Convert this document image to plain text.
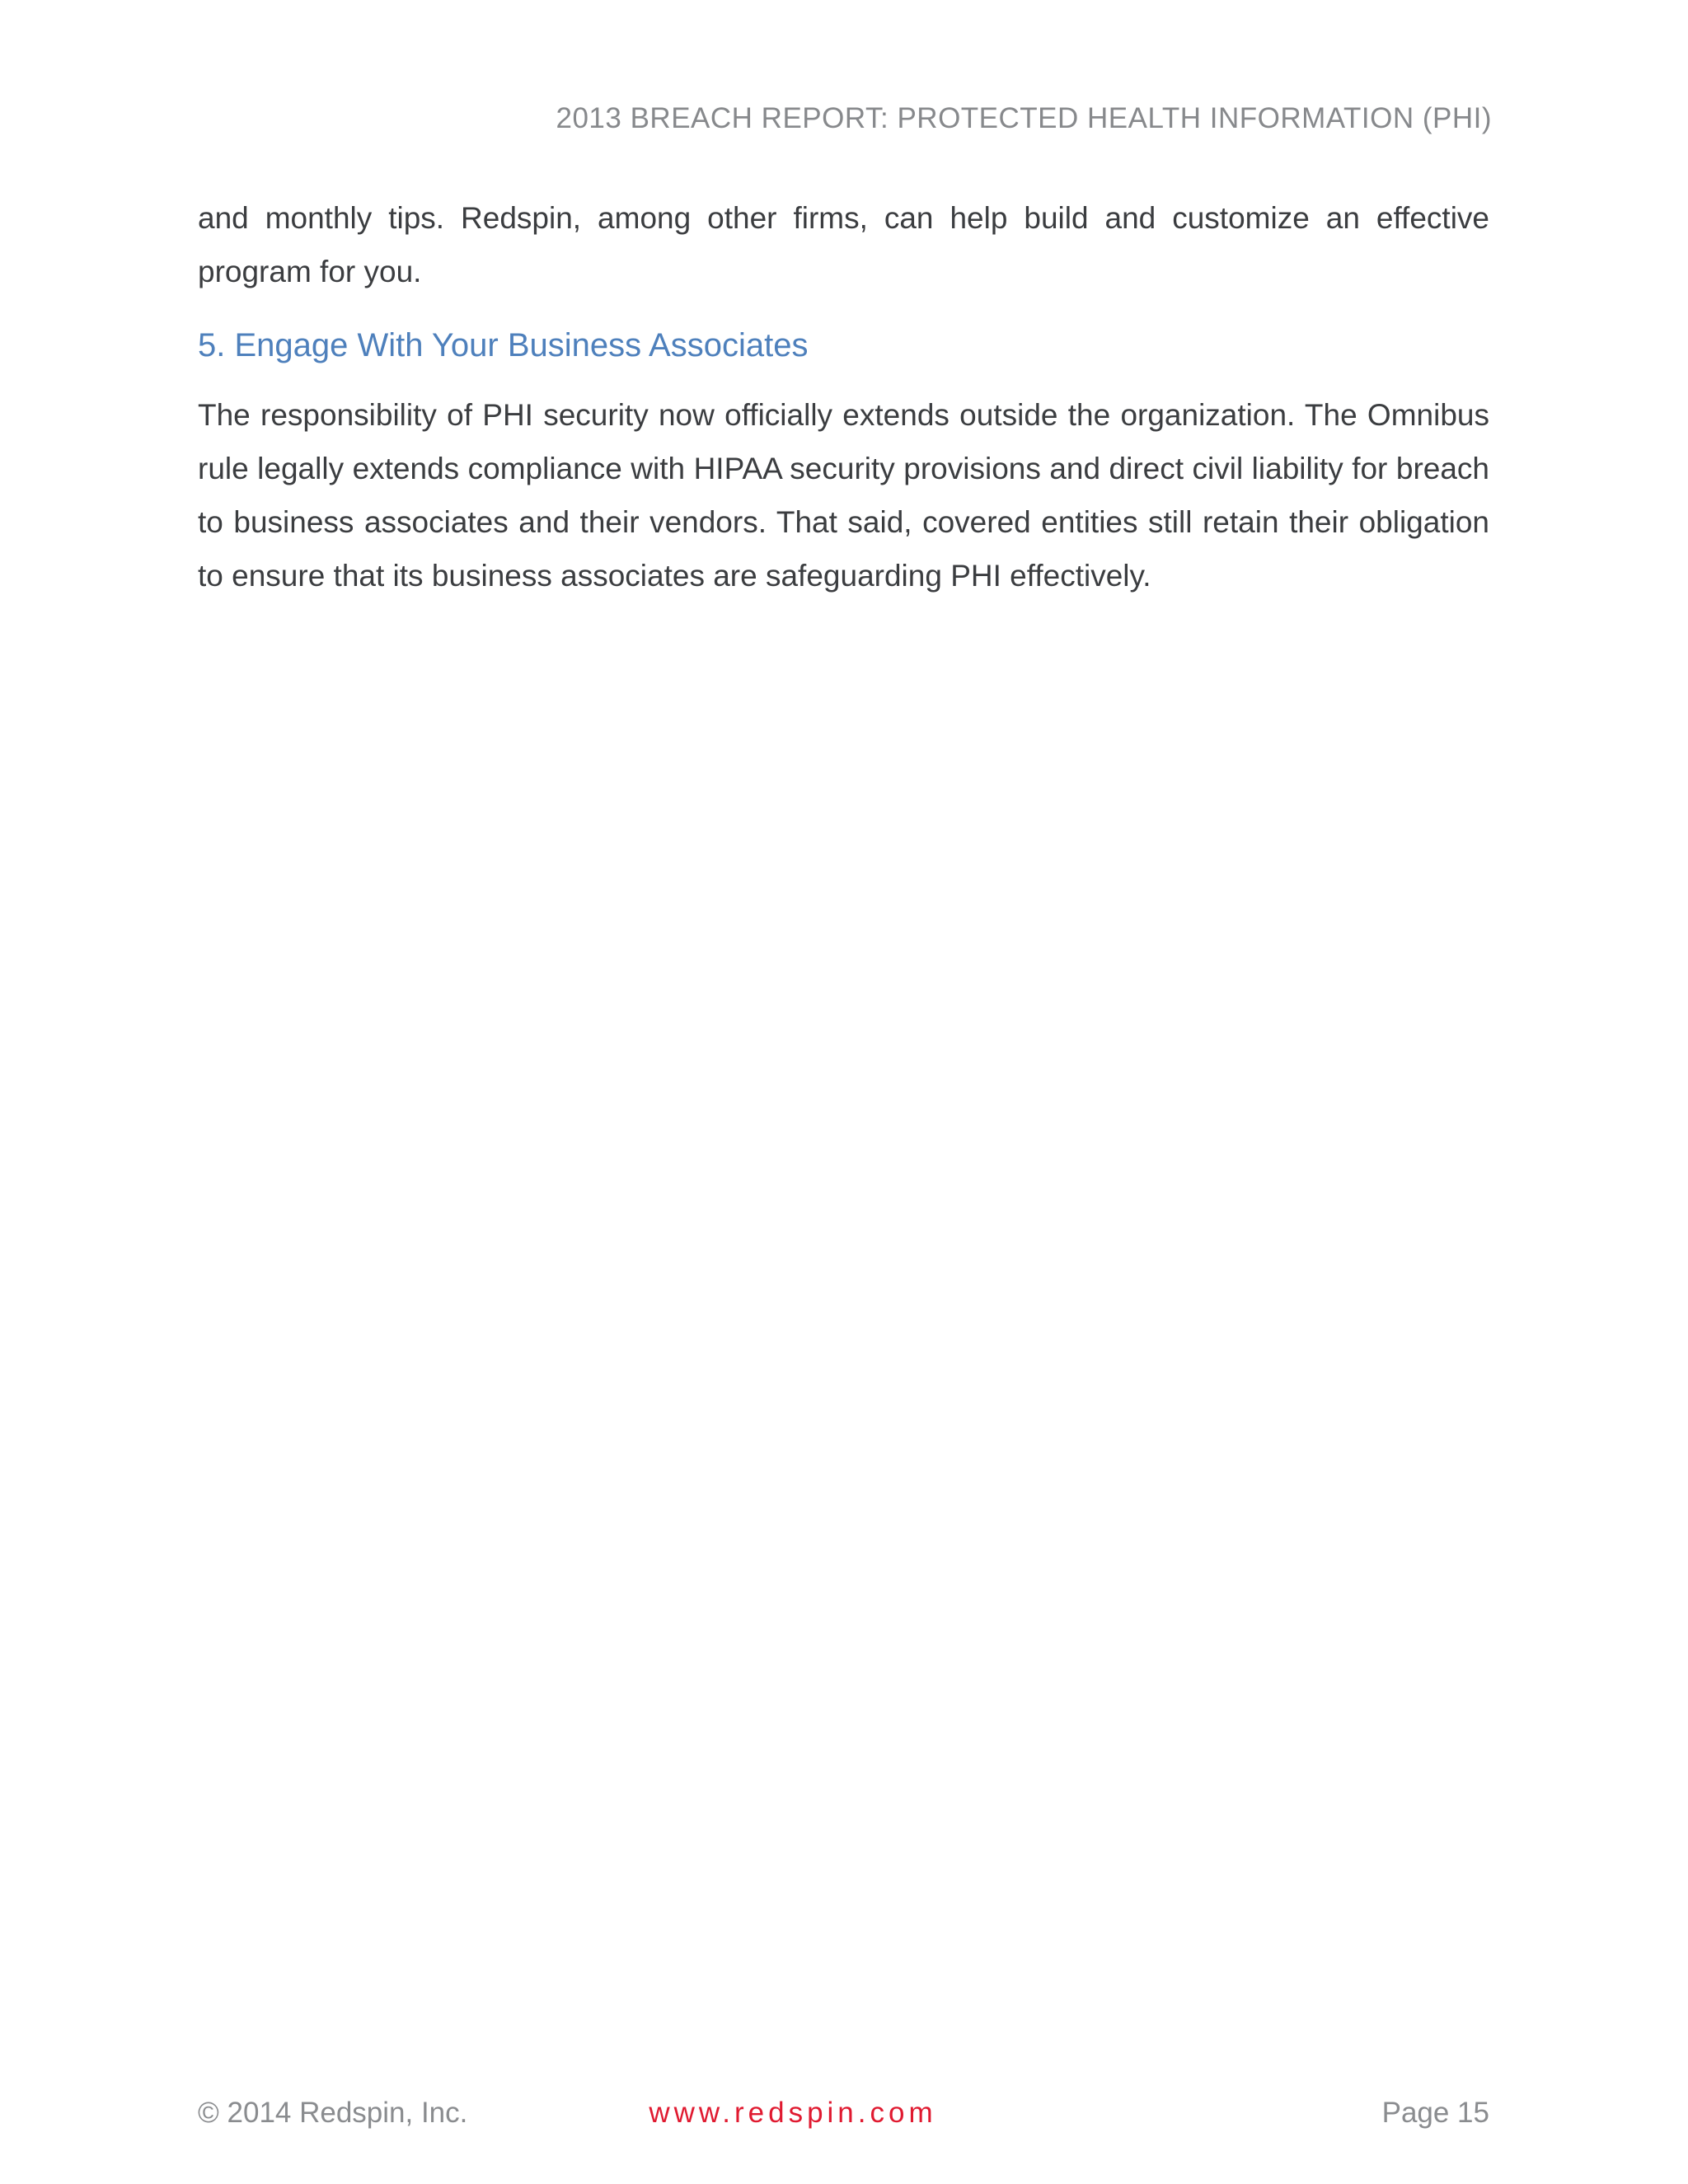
2013 BREACH REPORT: PROTECTED HEALTH INFORMATION (PHI)
and monthly tips. Redspin, among other firms, can help build and customize an effective
program for you.
5. Engage With Your Business Associates
The responsibility of PHI security now officially extends outside the organization. The Omnibus
rule legally extends compliance with HIPAA security provisions and direct civil liability for breach
to business associates and their vendors. That said, covered entities still retain their obligation
to ensure that its business associates are safeguarding PHI effectively.
© 2014 Redspin, Inc.	www.redspin.com	Page 15
